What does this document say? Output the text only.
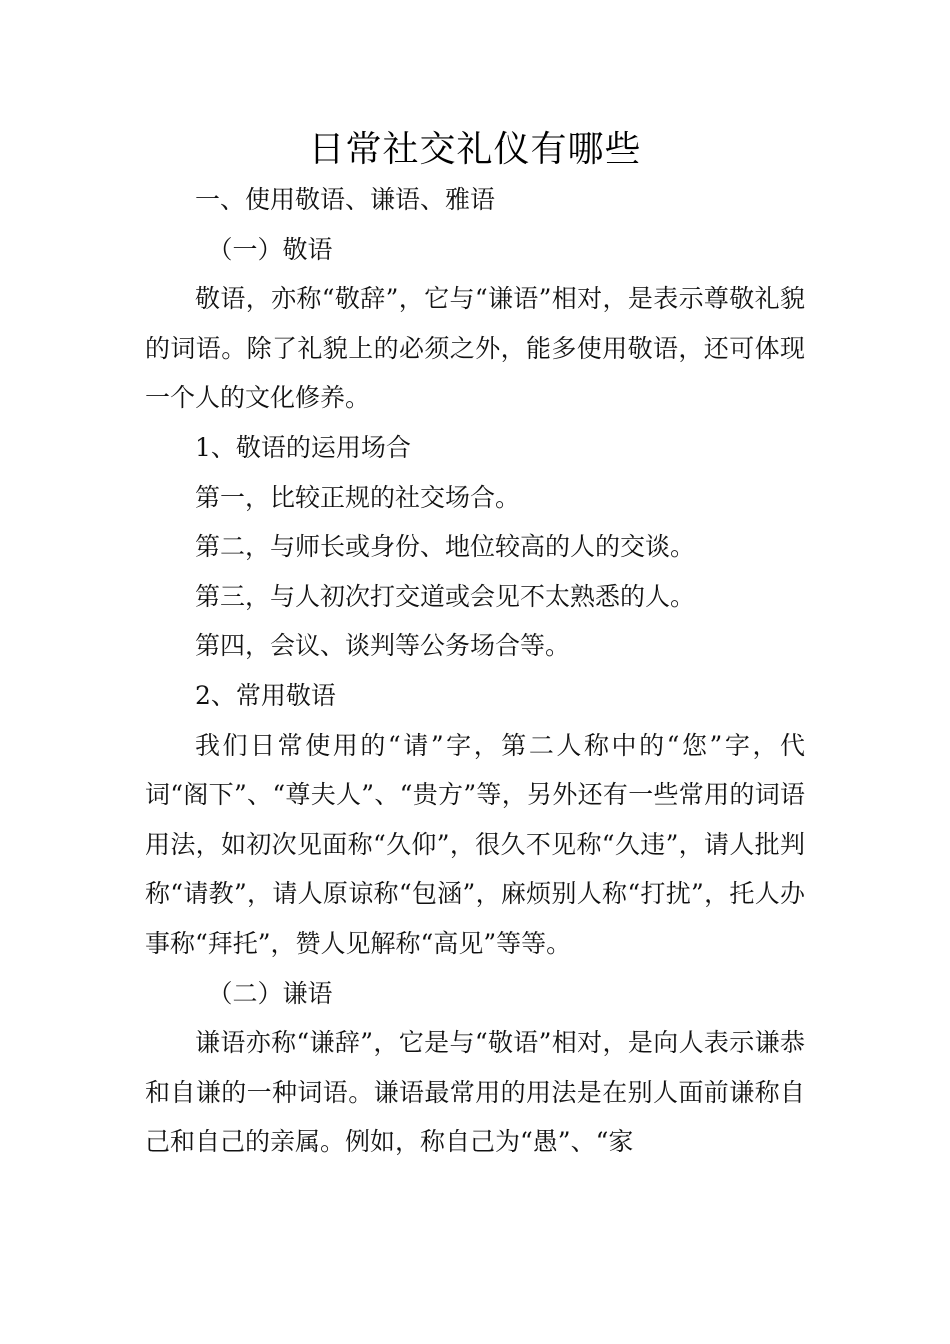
日常社交礼仪有哪些

一、使用敬语、谦语、雅语

（一）敬语

敬语，亦称“敬辞”，它与“谦语”相对，是表示尊敬礼貌的词语。除了礼貌上的必须之外，能多使用敬语，还可体现一个人的文化修养。

1、敬语的运用场合

第一，比较正规的社交场合。

第二，与师长或身份、地位较高的人的交谈。

第三，与人初次打交道或会见不太熟悉的人。

第四，会议、谈判等公务场合等。

2、常用敬语

我们日常使用的“请”字，第二人称中的“您”字，代词“阁下”、“尊夫人”、“贵方”等，另外还有一些常用的词语用法，如初次见面称“久仰”，很久不见称“久违”，请人批判称“请教”，请人原谅称“包涵”，麻烦别人称“打扰”，托人办事称“拜托”，赞人见解称“高见”等等。

（二）谦语

谦语亦称“谦辞”，它是与“敬语”相对，是向人表示谦恭和自谦的一种词语。谦语最常用的用法是在别人面前谦称自己和自己的亲属。例如，称自己为“愚”、“家
